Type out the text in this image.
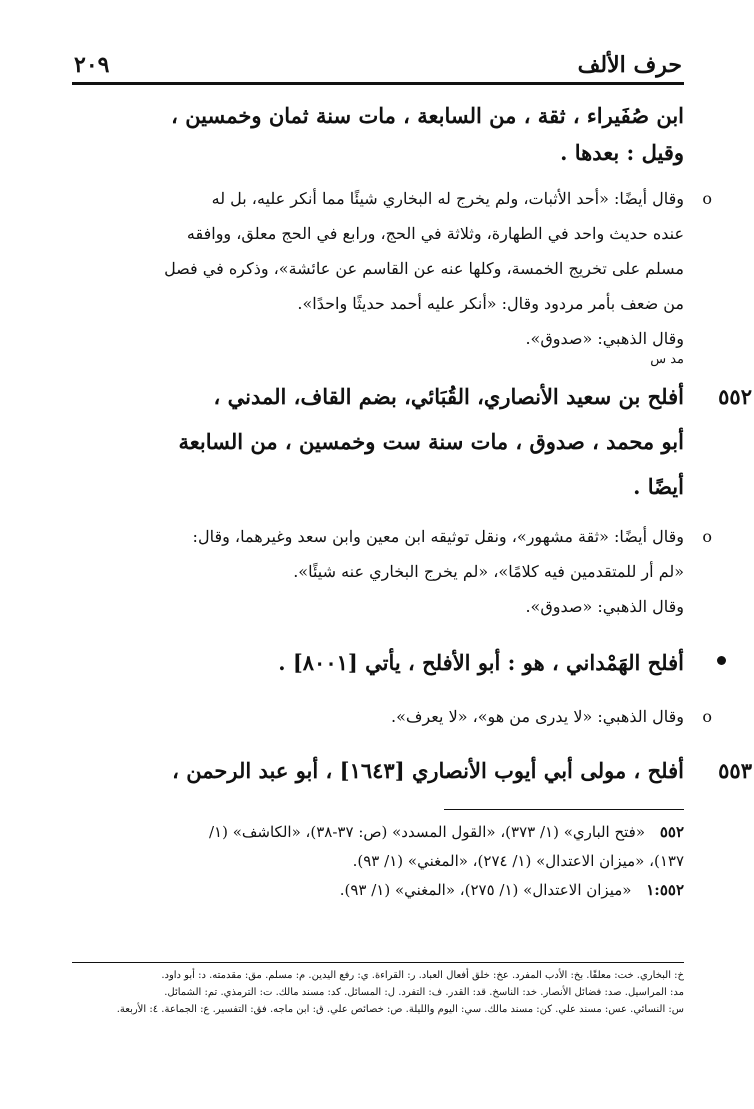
حرف الألف
٢٠٩
ابن صُفَيراء ، ثقة ، من السابعة ، مات سنة ثمان وخمسين ،
وقيل : بعدها .
o
وقال أيضًا: «أحد الأثبات، ولم يخرج له البخاري شيئًا مما أنكر عليه، بل له
عنده حديث واحد في الطهارة، وثلاثة في الحج، ورابع في الحج معلق، ووافقه
مسلم على تخريج الخمسة، وكلها عنه عن القاسم عن عائشة»، وذكره في فصل
من ضعف بأمر مردود وقال: «أنكر عليه أحمد حديثًا واحدًا».
وقال الذهبي: «صدوق».
٥٥٢
مد س
أفلح بن سعيد الأنصاري، القُبَائي، بضم القاف، المدني ،
أبو محمد ، صدوق ، مات سنة ست وخمسين ، من السابعة
أيضًا .
o
وقال أيضًا: «ثقة مشهور»، ونقل توثيقه ابن معين وابن سعد وغيرهما، وقال:
«لم أر للمتقدمين فيه كلامًا»، «لم يخرج البخاري عنه شيئًا».
وقال الذهبي: «صدوق».
أفلح الهَمْداني ، هو : أبو الأفلح ، يأتي [٨٠٠١] .
o
وقال الذهبي: «لا يدرى من هو»، «لا يعرف».
٥٥٣
أفلح ، مولى أبي أيوب الأنصاري [١٦٤٣] ، أبو عبد الرحمن ،
٥٥٢ «فتح الباري» (١/ ٣٧٣)، «القول المسدد» (ص: ٣٧-٣٨)، «الكاشف» (١/
١٣٧)، «ميزان الاعتدال» (١/ ٢٧٤)، «المغني» (١/ ٩٣).
١:٥٥٢ «ميزان الاعتدال» (١/ ٢٧٥)، «المغني» (١/ ٩٣).
خ: البخاري. خت: معلقًا. بخ: الأدب المفرد. عخ: خلق أفعال العباد. ر: القراءة. ي: رفع اليدين. م: مسلم. مق: مقدمته. د: أبو داود.
مد: المراسيل. صد: فضائل الأنصار. خد: الناسخ. قد: القدر. ف: التفرد. ل: المسائل. كد: مسند مالك. ت: الترمذي. تم: الشمائل.
س: النسائي. عس: مسند علي. كن: مسند مالك. سي: اليوم والليلة. ص: خصائص علي. ق: ابن ماجه. فق: التفسير. ع: الجماعة. ٤: الأربعة.
